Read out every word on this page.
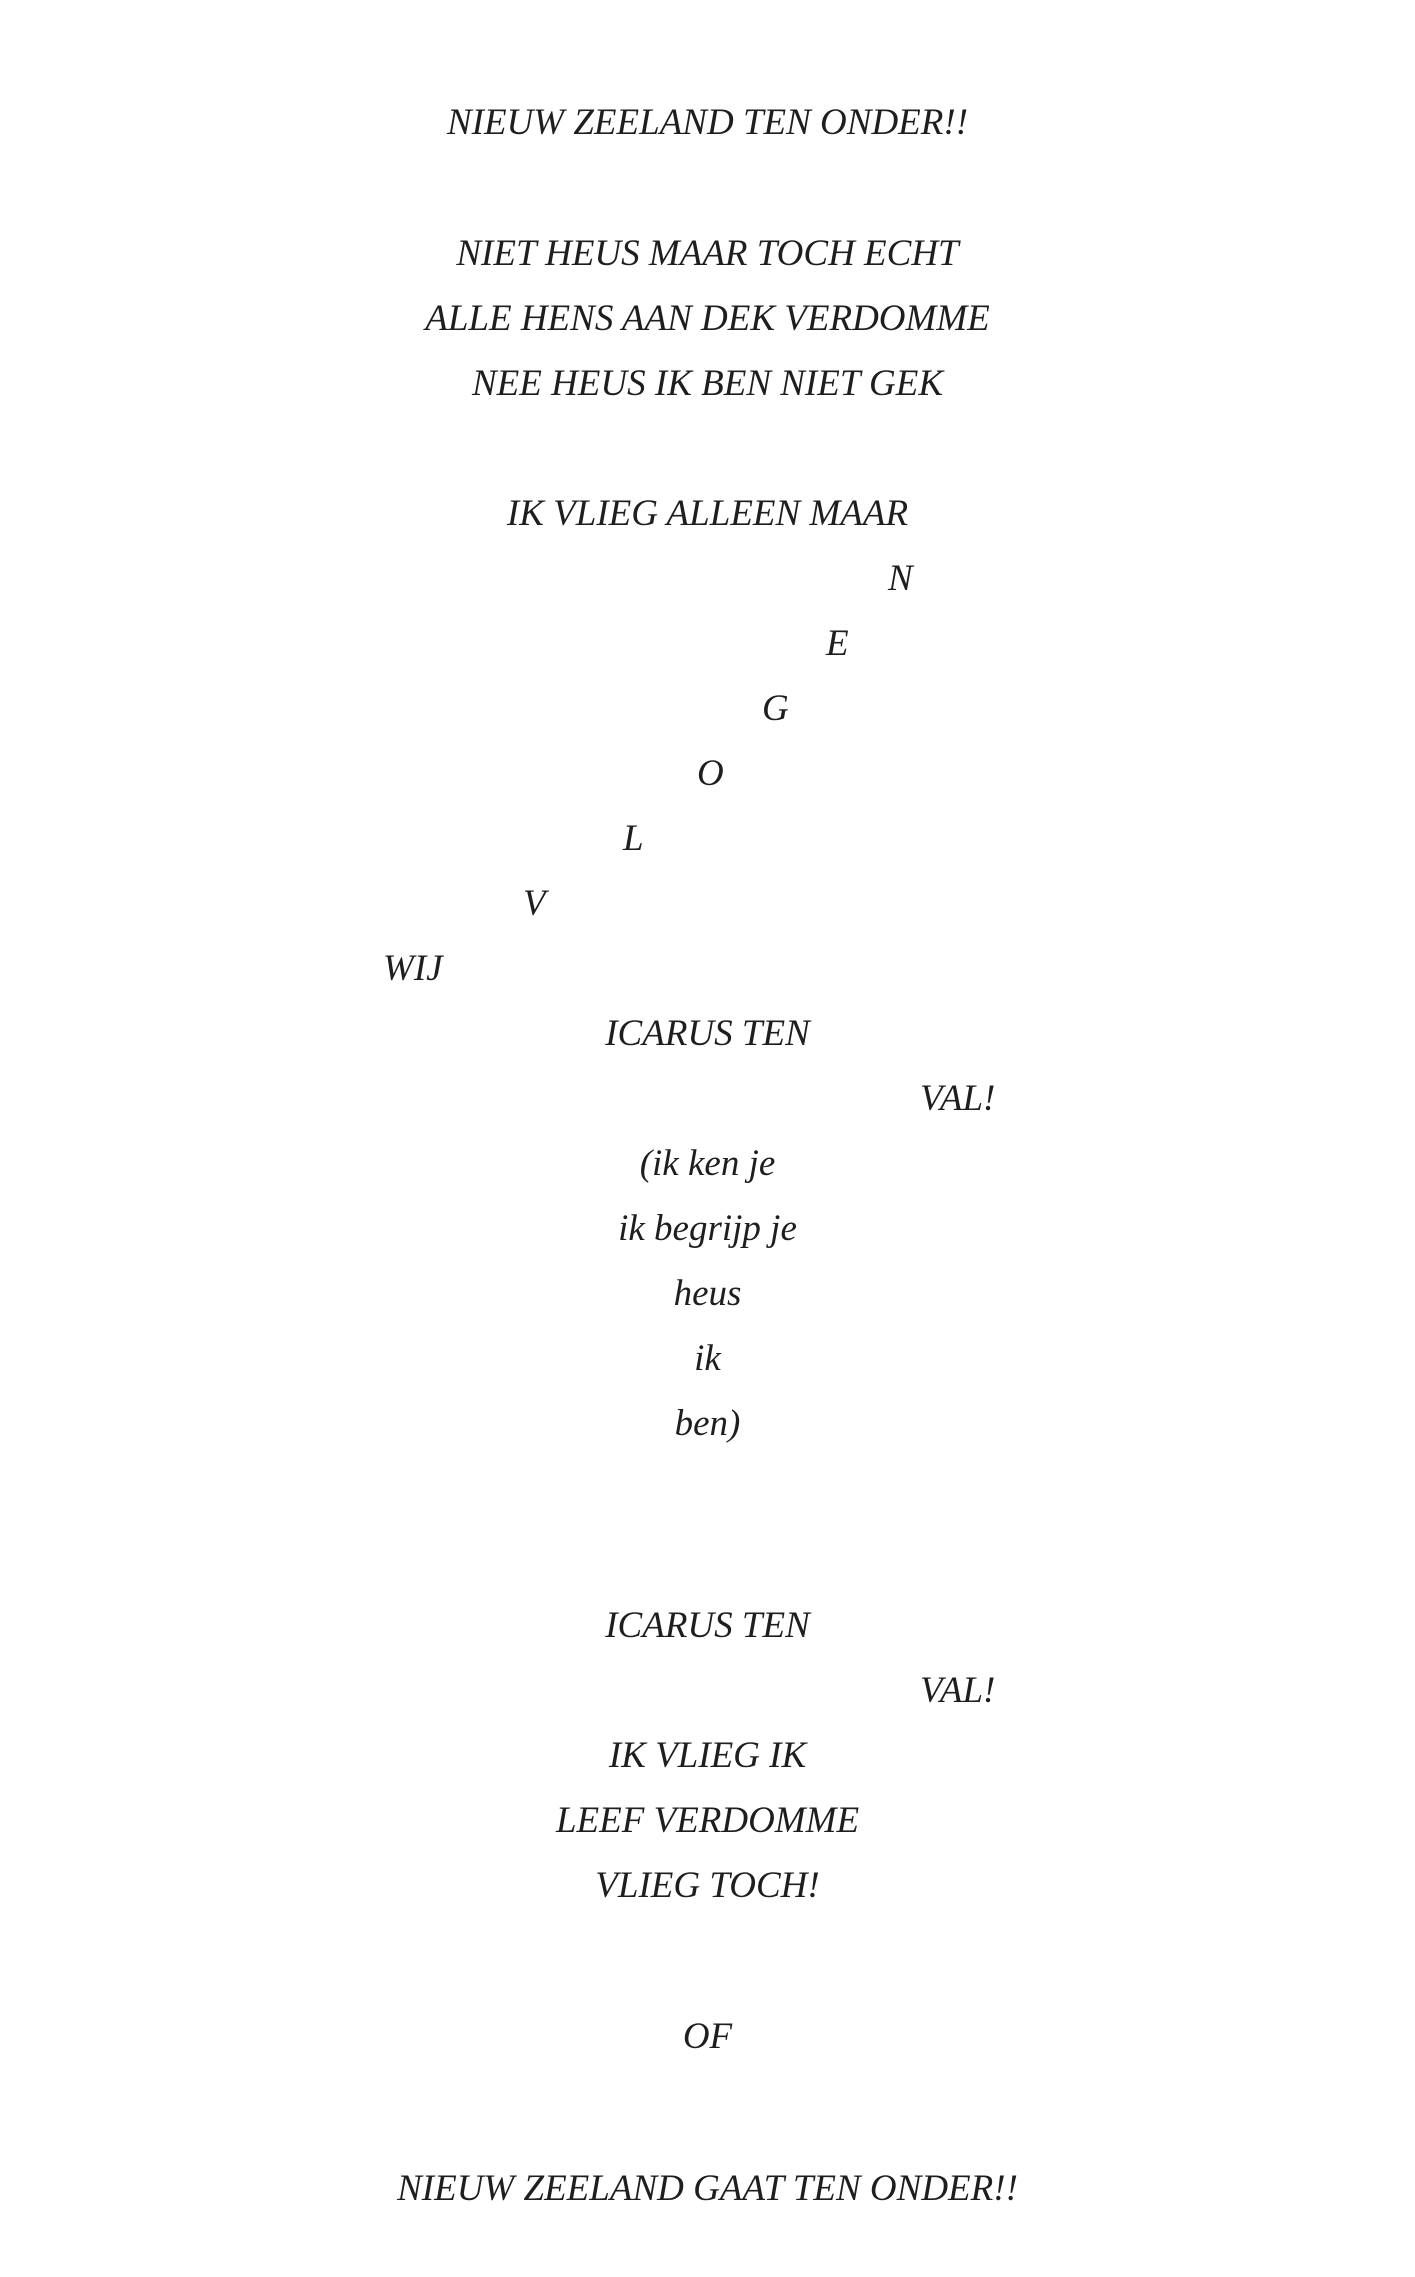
NIEUW ZEELAND TEN ONDER!!
NIET HEUS MAAR TOCH ECHT
ALLE HENS AAN DEK VERDOMME
NEE HEUS IK BEN NIET GEK
IK VLIEG ALLEEN MAAR
N
E
G
O
L
V
WIJ
ICARUS TEN
VAL!
(ik ken je
ik begrijp je
heus
ik
ben)
ICARUS TEN
VAL!
IK VLIEG IK
LEEF VERDOMME
VLIEG TOCH!
OF
NIEUW ZEELAND GAAT TEN ONDER!!
